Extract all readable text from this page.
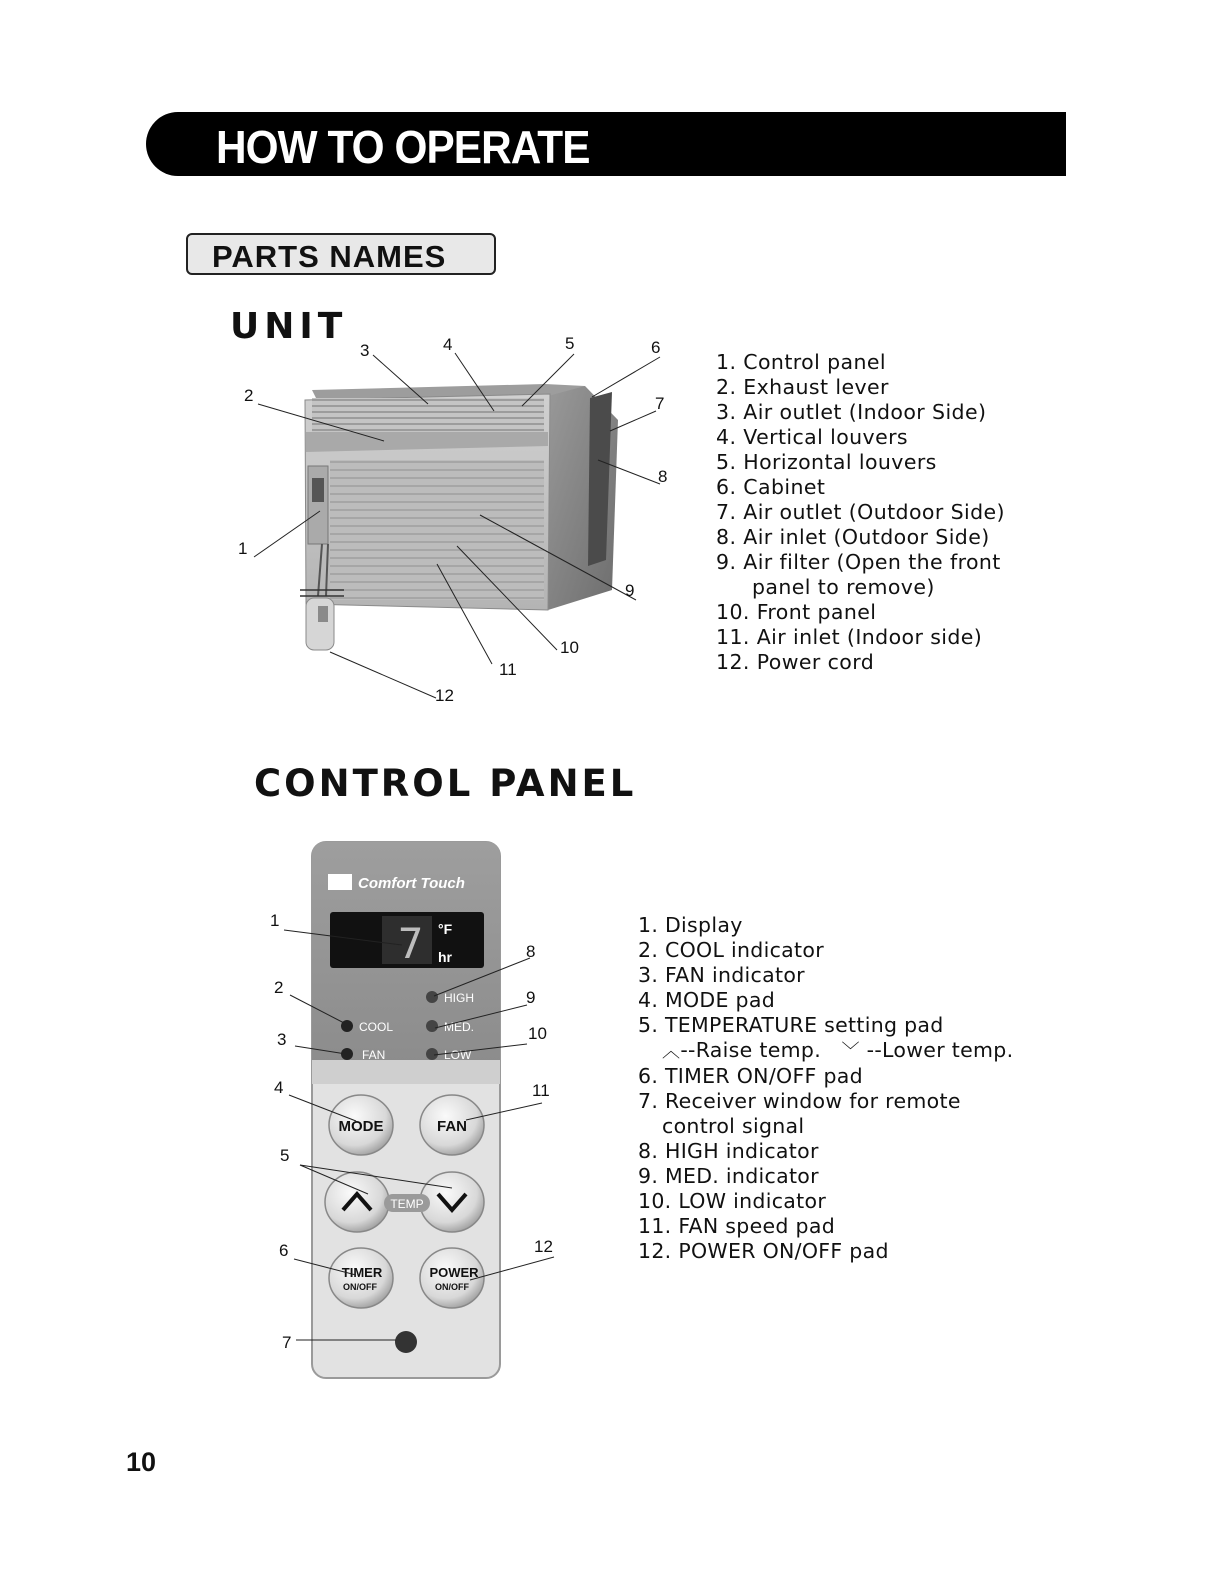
HOW TO OPERATE
PARTS NAMES
UNIT
CONTROL PANEL
1
2
3	4	5	6
7
8
9
10
11
12
1. Control panel
2. Exhaust lever
3. Air outlet (Indoor Side)
4. Vertical louvers
5. Horizontal louvers
6. Cabinet
7. Air outlet (Outdoor Side)
8. Air inlet (Outdoor Side)
9. Air filter (Open the front
panel to remove)
10. Front panel
11. Air inlet (Indoor side)
12. Power cord
Comfort Touch
7 °F
hr
COOL
FAN
HIGH
MED.
LOW
MODE	FAN
TEMP
TIMER
ON/OFF
POWER
ON/OFF
1
2
3
4
5
6
7
8
9
10
11
12
1. Display
2. COOL indicator
3. FAN indicator
4. MODE pad
5. TEMPERATURE setting pad
︿--Raise temp. ﹀ --Lower temp.
6. TIMER ON/OFF pad
7. Receiver window for remote
control signal
8. HIGH indicator
9. MED. indicator
10. LOW indicator
11. FAN speed pad
12. POWER ON/OFF pad
10
